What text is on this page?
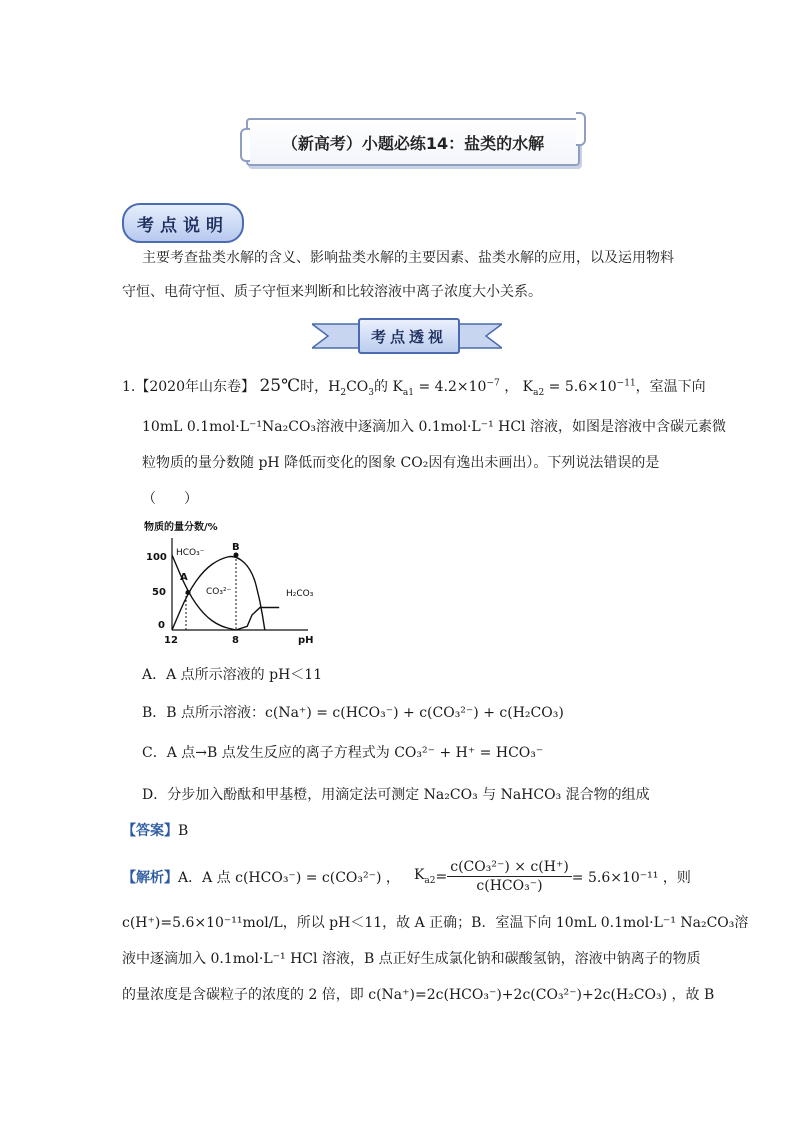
（新高考）小题必练14：盐类的水解
考点说明
主要考查盐类水解的含义、影响盐类水解的主要因素、盐类水解的应用，以及运用物料
守恒、电荷守恒、质子守恒来判断和比较溶液中离子浓度大小关系。
考点透视
1.【2020年山东卷】 25℃时，$H_2CO_3$的 $K_{a1} = 4.2\times 10^{-7}$ ， $K_{a2} = 5.6\times 10^{-11}$，室温下向
10mL 0.1mol·L⁻¹Na₂CO₃溶液中逐滴加入 0.1mol·L⁻¹ HCl 溶液，如图是溶液中含碳元素微
粒物质的量分数随 pH 降低而变化的图象 CO₂因有逸出未画出）。下列说法错误的是
（　　）
物质的量分数/%
100
50
0
12	8	pH
A
B
HCO₃⁻
CO₃²⁻	H₂CO₃
A．A 点所示溶液的 pH＜11
B．B 点所示溶液：c(Na⁺) = c(HCO₃⁻) + c(CO₃²⁻) + c(H₂CO₃)
C．A 点→B 点发生反应的离子方程式为 CO₃²⁻ + H⁺ = HCO₃⁻
D．分步加入酚酞和甲基橙，用滴定法可测定 Na₂CO₃ 与 NaHCO₃ 混合物的组成
【答案】B
【解析】 A．A 点 c(HCO₃⁻) = c(CO₃²⁻) ， $K_{a2} = \frac{\text{c(CO₃²⁻) × c(H⁺)}}{\text{c(HCO₃⁻)}} = 5.6\times 10^{-11}$ ，则
c(H⁺)=5.6×10⁻¹¹mol/L，所以 pH＜11，故 A 正确；B．室温下向 10mL 0.1mol·L⁻¹ Na₂CO₃溶
液中逐滴加入 0.1mol·L⁻¹ HCl 溶液，B 点正好生成氯化钠和碳酸氢钠，溶液中钠离子的物质
的量浓度是含碳粒子的浓度的 2 倍，即 c(Na⁺)=2c(HCO₃⁻)+2c(CO₃²⁻)+2c(H₂CO₃) ，故 B
